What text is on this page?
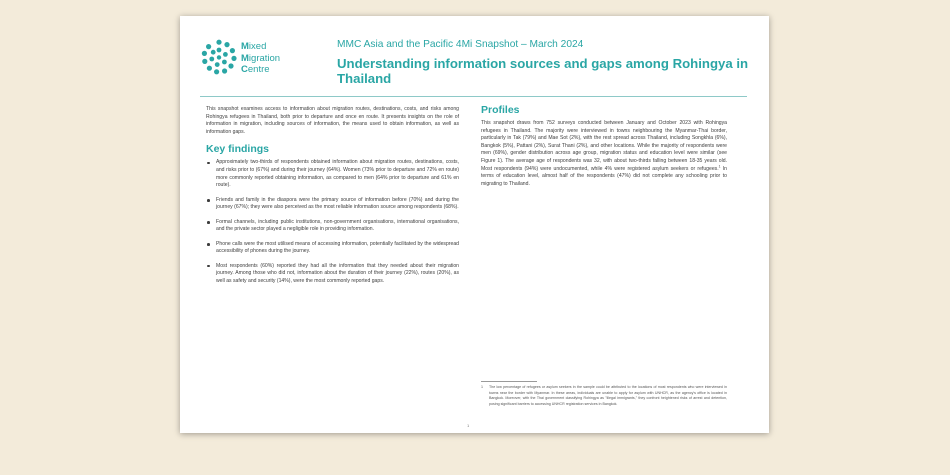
Mixed
Migration
Centre
MMC Asia and the Pacific 4Mi Snapshot – March 2024
Understanding information sources and gaps among Rohingya in Thailand

This snapshot examines access to information about migration routes, destinations, costs, and risks among Rohingya refugees in Thailand, both prior to departure and once en route. It presents insights on the role of information in migration, including sources of information, the means used to obtain information, as well as information gaps.

Key findings
Approximately two-thirds of respondents obtained information about migration routes, destinations, costs, and risks prior to (67%) and during their journey (64%). Women (73% prior to departure and 72% en route) more commonly reported obtaining information, as compared to men (64% prior to departure and 61% en route).
Friends and family in the diaspora were the primary source of information before (70%) and during the journey (67%); they were also perceived as the most reliable information source among respondents (68%).
Formal channels, including public institutions, non-government organisations, international organisations, and the private sector played a negligible role in providing information.
Phone calls were the most utilised means of accessing information, potentially facilitated by the widespread accessibility of phones during the journey.
Most respondents (60%) reported they had all the information that they needed about their migration journey. Among those who did not, information about the duration of their journey (22%), routes (20%), as well as safety and security (14%), were the most commonly reported gaps.
Profiles

This snapshot draws from 752 surveys conducted between January and October 2023 with Rohingya refugees in Thailand. The majority were interviewed in towns neighbouring the Myanmar-Thai border, particularly in Tak (79%) and Mae Sot (2%), with the rest spread across Thailand, including Songkhla (6%), Bangkok (5%), Pattani (2%), Surat Thani (2%), and other locations. While the majority of respondents were men (69%), gender distribution across age group, migration status and education level were similar (see Figure 1). The average age of respondents was 32, with about two-thirds falling between 18-35 years old. Most respondents (94%) were undocumented, while 4% were registered asylum seekers or refugees.$^1$ In terms of education level, almost half of the respondents (47%) did not complete any schooling prior to migrating to Thailand.

1 The low percentage of refugees or asylum seekers in the sample could be attributed to the locations of most respondents who were interviewed in towns near the border with Myanmar. In these areas, individuals are unable to apply for asylum with UNHCR, as the agency's office is located in Bangkok. Moreover, with the Thai government classifying Rohingya as "illegal immigrants," they confront heightened risks of arrest and detention, posing significant barriers to accessing UNHCR registration services in Bangkok.
1
